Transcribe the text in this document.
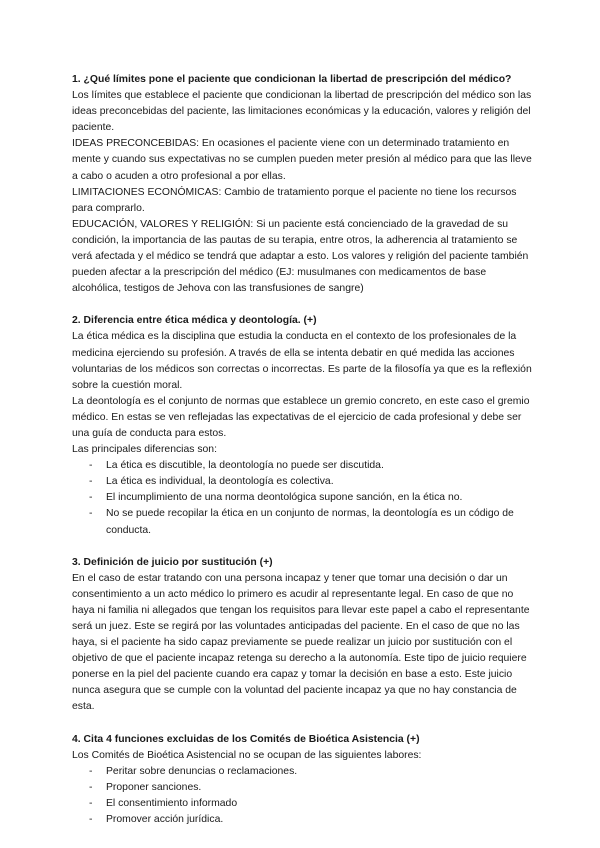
1. ¿Qué límites pone el paciente que condicionan la libertad de prescripción del médico?

Los límites que establece el paciente que condicionan la libertad de prescripción del médico son las ideas preconcebidas del paciente, las limitaciones económicas y la educación, valores y religión del paciente.

IDEAS PRECONCEBIDAS: En ocasiones el paciente viene con un determinado tratamiento en mente y cuando sus expectativas no se cumplen pueden meter presión al médico para que las lleve a cabo o acuden a otro profesional a por ellas.

LIMITACIONES ECONÓMICAS: Cambio de tratamiento porque el paciente no tiene los recursos para comprarlo.

EDUCACIÓN, VALORES Y RELIGIÓN: Si un paciente está concienciado de la gravedad de su condición, la importancia de las pautas de su terapia, entre otros, la adherencia al tratamiento se verá afectada y el médico se tendrá que adaptar a esto. Los valores y religión del paciente también pueden afectar a la prescripción del médico (EJ: musulmanes con medicamentos de base alcohólica, testigos de Jehova con las transfusiones de sangre)

2. Diferencia entre ética médica y deontología. (+)

La ética médica es la disciplina que estudia la conducta en el contexto de los profesionales de la medicina ejerciendo su profesión. A través de ella se intenta debatir en qué medida las acciones voluntarias de los médicos son correctas o incorrectas. Es parte de la filosofía ya que es la reflexión sobre la cuestión moral.

La deontología es el conjunto de normas que establece un gremio concreto, en este caso el gremio médico. En estas se ven reflejadas las expectativas de el ejercicio de cada profesional y debe ser una guía de conducta para estos.

Las principales diferencias son:

- La ética es discutible, la deontología no puede ser discutida.
- La ética es individual, la deontología es colectiva.
- El incumplimiento de una norma deontológica supone sanción, en la ética no.
- No se puede recopilar la ética en un conjunto de normas, la deontología es un código de conducta.

3. Definición de juicio por sustitución (+)

En el caso de estar tratando con una persona incapaz y tener que tomar una decisión o dar un consentimiento a un acto médico lo primero es acudir al representante legal. En caso de que no haya ni familia ni allegados que tengan los requisitos para llevar este papel a cabo el representante será un juez. Este se regirá por las voluntades anticipadas del paciente. En el caso de que no las haya, si el paciente ha sido capaz previamente se puede realizar un juicio por sustitución con el objetivo de que el paciente incapaz retenga su derecho a la autonomía. Este tipo de juicio requiere ponerse en la piel del paciente cuando era capaz y tomar la decisión en base a esto. Este juicio nunca asegura que se cumple con la voluntad del paciente incapaz ya que no hay constancia de esta.

4. Cita 4 funciones excluidas de los Comités de Bioética Asistencia (+)

Los Comités de Bioética Asistencial no se ocupan de las siguientes labores:

- Peritar sobre denuncias o reclamaciones.
- Proponer sanciones.
- El consentimiento informado
- Promover acción jurídica.
